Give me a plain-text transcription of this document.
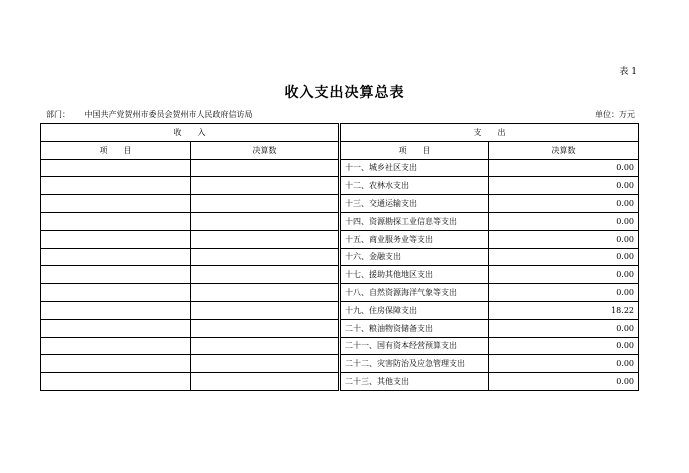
表 1
收入支出决算总表
部门： 中国共产党贺州市委员会贺州市人民政府信访局	单位：万元
收　　入			支　　出	
项　　目	决算数		项　　目	决算数
			十一、城乡社区支出	0.00
			十二、农林水支出	0.00
			十三、交通运输支出	0.00
			十四、资源勘探工业信息等支出	0.00
			十五、商业服务业等支出	0.00
			十六、金融支出	0.00
			十七、援助其他地区支出	0.00
			十八、自然资源海洋气象等支出	0.00
			十九、住房保障支出	18.22
			二十、粮油物资储备支出	0.00
			二十一、国有资本经营预算支出	0.00
			二十二、灾害防治及应急管理支出	0.00
			二十三、其他支出	0.00
